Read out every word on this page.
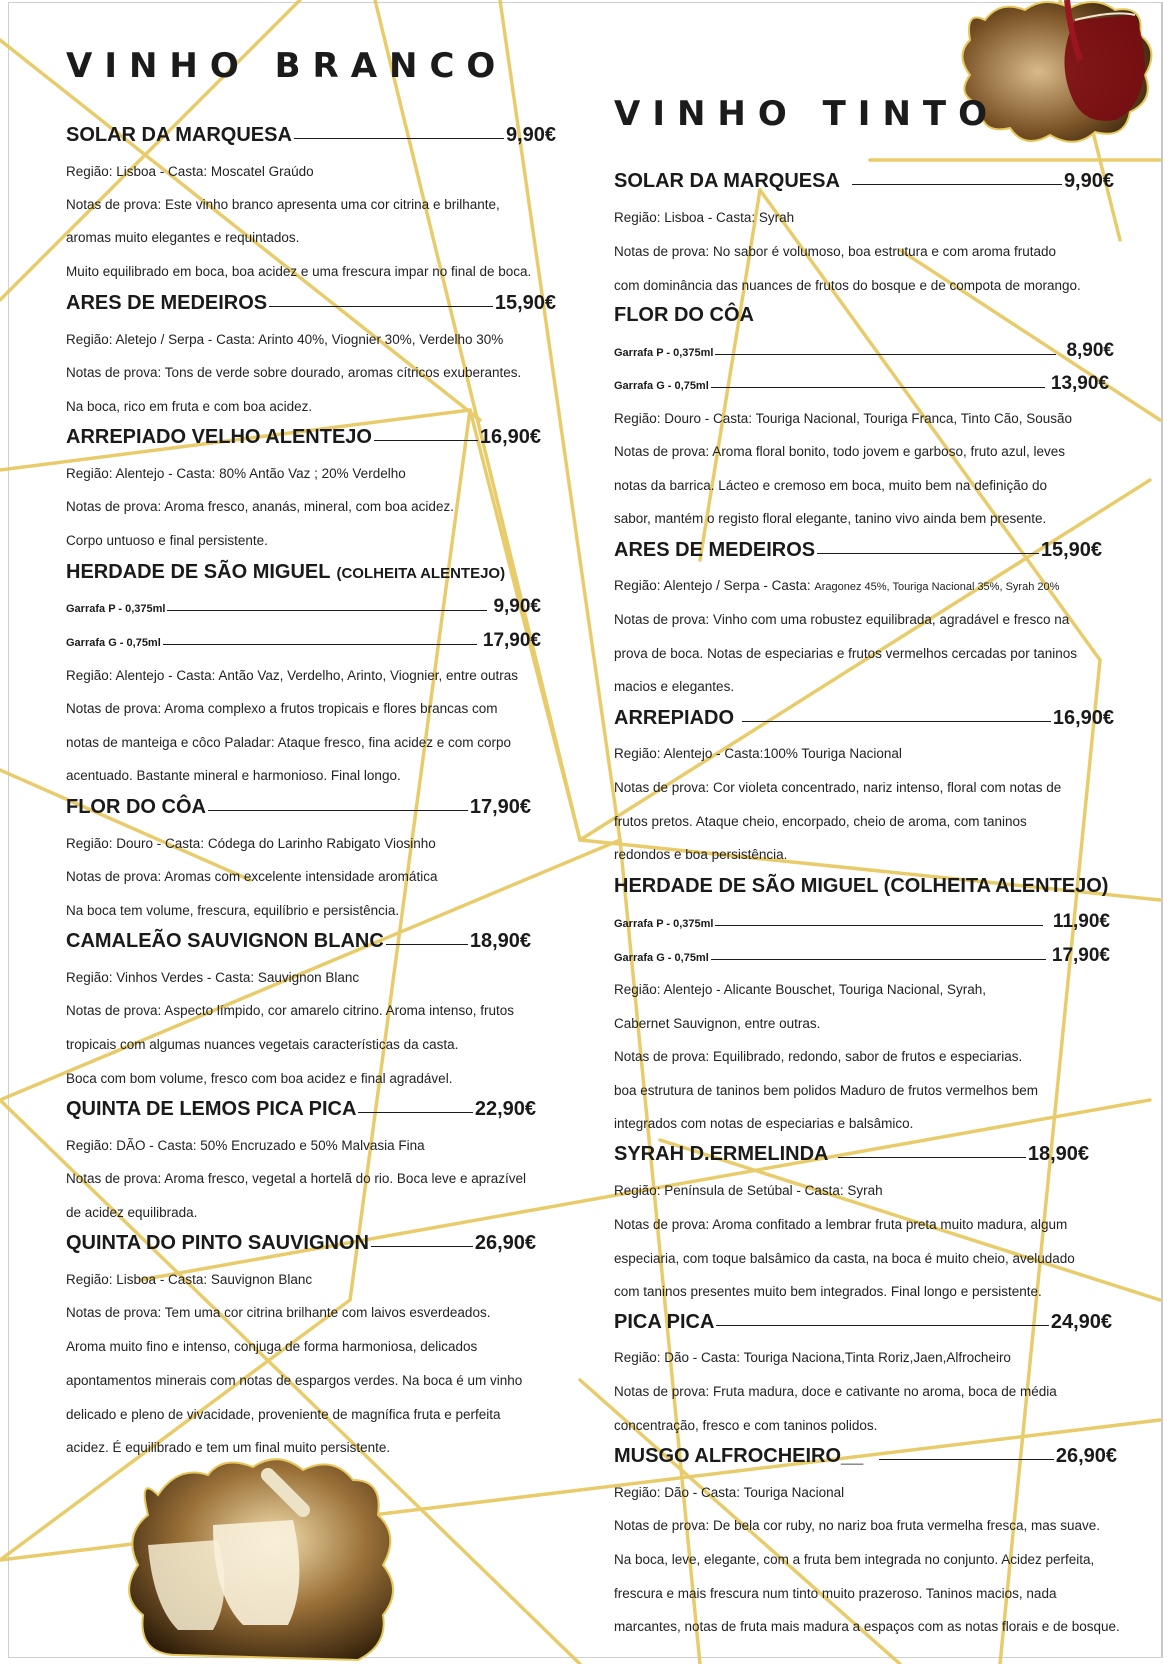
VINHO BRANCO
SOLAR DA MARQUESA	9,90€
Região: Lisboa - Casta: Moscatel Graúdo
Notas de prova: Este vinho branco apresenta uma cor citrina e brilhante,
aromas muito elegantes e requintados.
Muito equilibrado em boca, boa acidez e uma frescura impar no final de boca.
ARES DE MEDEIROS	15,90€
Região: Aletejo / Serpa - Casta: Arinto 40%, Viognier 30%, Verdelho 30%
Notas de prova: Tons de verde sobre dourado, aromas cítricos exuberantes.
Na boca, rico em fruta e com boa acidez.
ARREPIADO VELHO ALENTEJO	16,90€
Região: Alentejo - Casta: 80% Antão Vaz ; 20% Verdelho
Notas de prova: Aroma fresco, ananás, mineral, com boa acidez.
Corpo untuoso e final persistente.
HERDADE DE SÃO MIGUEL (COLHEITA ALENTEJO)
Garrafa P - 0,375ml	9,90€
Garrafa G - 0,75ml	17,90€
Região: Alentejo - Casta: Antão Vaz, Verdelho, Arinto, Viognier, entre outras
Notas de prova: Aroma complexo a frutos tropicais e flores brancas com
notas de manteiga e côco Paladar: Ataque fresco, fina acidez e com corpo
acentuado. Bastante mineral e harmonioso. Final longo.
FLOR DO CÔA	17,90€
Região: Douro - Casta: Códega do Larinho Rabigato Viosinho
Notas de prova: Aromas com excelente intensidade aromática
Na boca tem volume, frescura, equilíbrio e persistência.
CAMALEÃO SAUVIGNON BLANC	18,90€
Região: Vinhos Verdes - Casta: Sauvignon Blanc
Notas de prova: Aspecto límpido, cor amarelo citrino. Aroma intenso, frutos
tropicais com algumas nuances vegetais características da casta.
Boca com bom volume, fresco com boa acidez e final agradável.
QUINTA DE LEMOS PICA PICA	22,90€
Região: DÃO - Casta: 50% Encruzado e 50% Malvasia Fina
Notas de prova: Aroma fresco, vegetal a hortelã do rio. Boca leve e aprazível
de acidez equilibrada.
QUINTA DO PINTO SAUVIGNON	26,90€
Região: Lisboa - Casta: Sauvignon Blanc
Notas de prova: Tem uma cor citrina brilhante com laivos esverdeados.
Aroma muito fino e intenso, conjuga de forma harmoniosa, delicados
apontamentos minerais com notas de espargos verdes. Na boca é um vinho
delicado e pleno de vivacidade, proveniente de magnífica fruta e perfeita
acidez. É equilibrado e tem um final muito persistente.
VINHO TINTO
SOLAR DA MARQUESA	9,90€
Região: Lisboa - Casta: Syrah
Notas de prova: No sabor é volumoso, boa estrutura e com aroma frutado
com dominância das nuances de frutos do bosque e de compota de morango.
FLOR DO CÔA
Garrafa P - 0,375ml	8,90€
Garrafa G - 0,75ml	13,90€
Região: Douro - Casta: Touriga Nacional, Touriga Franca, Tinto Cão, Sousão
Notas de prova: Aroma floral bonito, todo jovem e garboso, fruto azul, leves
notas da barrica. Lácteo e cremoso em boca, muito bem na definição do
sabor, mantém o registo floral elegante, tanino vivo ainda bem presente.
ARES DE MEDEIROS	15,90€
Região: Alentejo / Serpa - Casta: Aragonez 45%, Touriga Nacional 35%, Syrah 20%
Notas de prova: Vinho com uma robustez equilibrada, agradável e fresco na
prova de boca. Notas de especiarias e frutos vermelhos cercadas por taninos
macios e elegantes.
ARREPIADO	16,90€
Região: Alentejo - Casta:100% Touriga Nacional
Notas de prova: Cor violeta concentrado, nariz intenso, floral com notas de
frutos pretos. Ataque cheio, encorpado, cheio de aroma, com taninos
redondos e boa persistência.
HERDADE DE SÃO MIGUEL (COLHEITA ALENTEJO)
Garrafa P - 0,375ml	11,90€
Garrafa G - 0,75ml	17,90€
Região: Alentejo - Alicante Bouschet, Touriga Nacional, Syrah,
Cabernet Sauvignon, entre outras.
Notas de prova: Equilibrado, redondo, sabor de frutos e especiarias.
boa estrutura de taninos bem polidos Maduro de frutos vermelhos bem
integrados com notas de especiarias e balsâmico.
SYRAH D.ERMELINDA	18,90€
Região: Península de Setúbal - Casta: Syrah
Notas de prova: Aroma confitado a lembrar fruta preta muito madura, algum
especiaria, com toque balsâmico da casta, na boca é muito cheio, aveludado
com taninos presentes muito bem integrados. Final longo e persistente.
PICA PICA	24,90€
Região: Dão - Casta: Touriga Naciona,Tinta Roriz,Jaen,Alfrocheiro
Notas de prova: Fruta madura, doce e cativante no aroma, boca de média
concentração, fresco e com taninos polidos.
MUSGO ALFROCHEIRO__	26,90€
Região: Dão - Casta: Touriga Nacional
Notas de prova: De bela cor ruby, no nariz boa fruta vermelha fresca, mas suave.
Na boca, leve, elegante, com a fruta bem integrada no conjunto. Acidez perfeita,
frescura e mais frescura num tinto muito prazeroso. Taninos macios, nada
marcantes, notas de fruta mais madura a espaços com as notas florais e de bosque.
